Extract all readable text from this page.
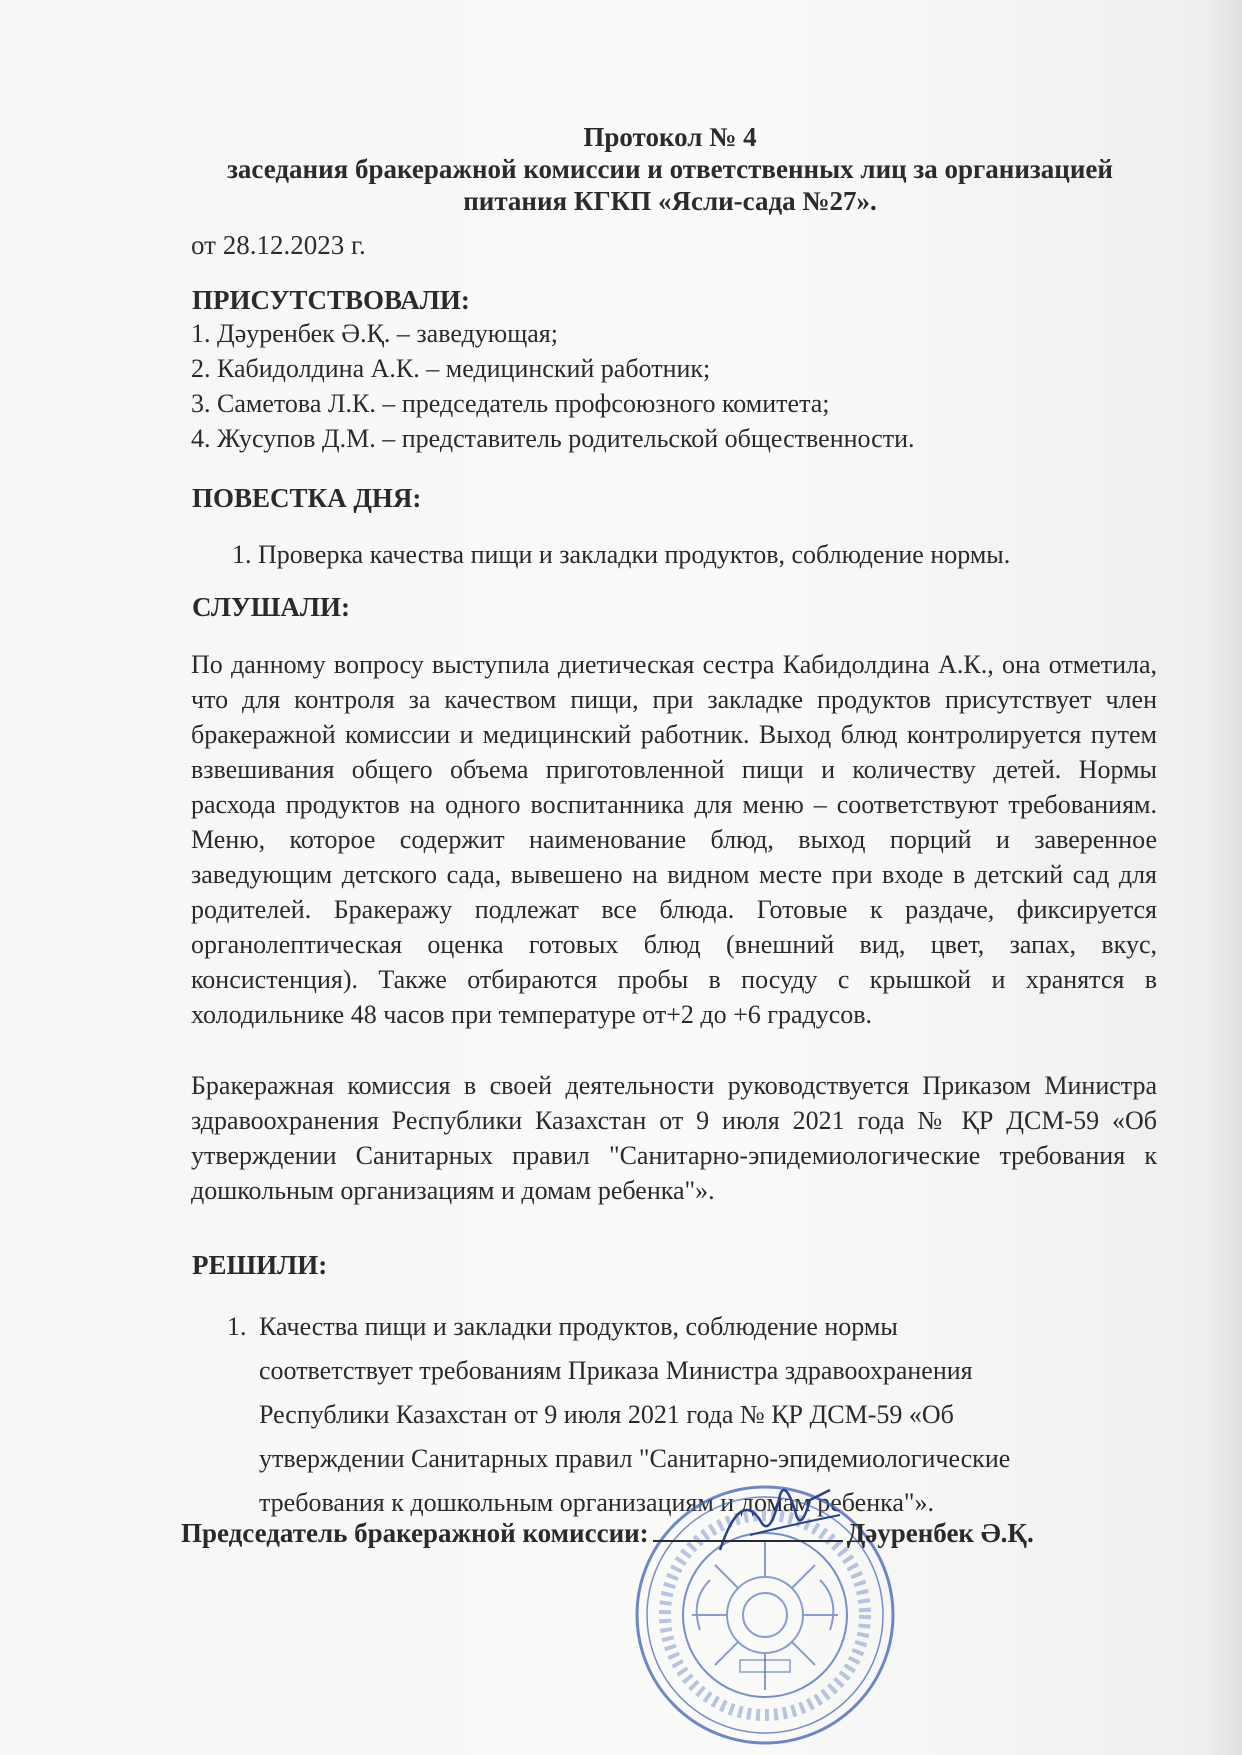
Протокол № 4
заседания бракеражной комиссии и ответственных лиц за организацией
питания КГКП «Ясли-сада №27».
от 28.12.2023 г.
ПРИСУТСТВОВАЛИ:
1. Дәуренбек Ә.Қ. – заведующая;
2. Кабидолдина А.К. – медицинский работник;
3. Саметова Л.К. – председатель профсоюзного комитета;
4. Жусупов Д.М. – представитель родительской общественности.
ПОВЕСТКА ДНЯ:
1. Проверка качества пищи и закладки продуктов, соблюдение нормы.
СЛУШАЛИ:
По данному вопросу выступила диетическая сестра Кабидолдина А.К., она отметила, что для контроля за качеством пищи, при закладке продуктов присутствует член бракеражной комиссии и медицинский работник. Выход блюд контролируется путем взвешивания общего объема приготовленной пищи и количеству детей. Нормы расхода продуктов на одного воспитанника для меню – соответствуют требованиям. Меню, которое содержит наименование блюд, выход порций и заверенное заведующим детского сада, вывешено на видном месте при входе в детский сад для родителей. Бракеражу подлежат все блюда. Готовые к раздаче, фиксируется органолептическая оценка готовых блюд (внешний вид, цвет, запах, вкус, консистенция). Также отбираются пробы в посуду с крышкой и хранятся в холодильнике 48 часов при температуре от+2 до +6 градусов.
Бракеражная комиссия в своей деятельности руководствуется Приказом Министра здравоохранения Республики Казахстан от 9 июля 2021 года № ҚР ДСМ-59 «Об утверждении Санитарных правил "Санитарно-эпидемиологические требования к дошкольным организациям и домам ребенка"».
РЕШИЛИ:
1. Качества пищи и закладки продуктов, соблюдение нормы
соответствует требованиям Приказа Министра здравоохранения
Республики Казахстан от 9 июля 2021 года № ҚР ДСМ-59 «Об
утверждении Санитарных правил "Санитарно-эпидемиологические
требования к дошкольным организациям и домам ребенка"».
Председатель бракеражной комиссии:	Дәуренбек Ә.Қ.
